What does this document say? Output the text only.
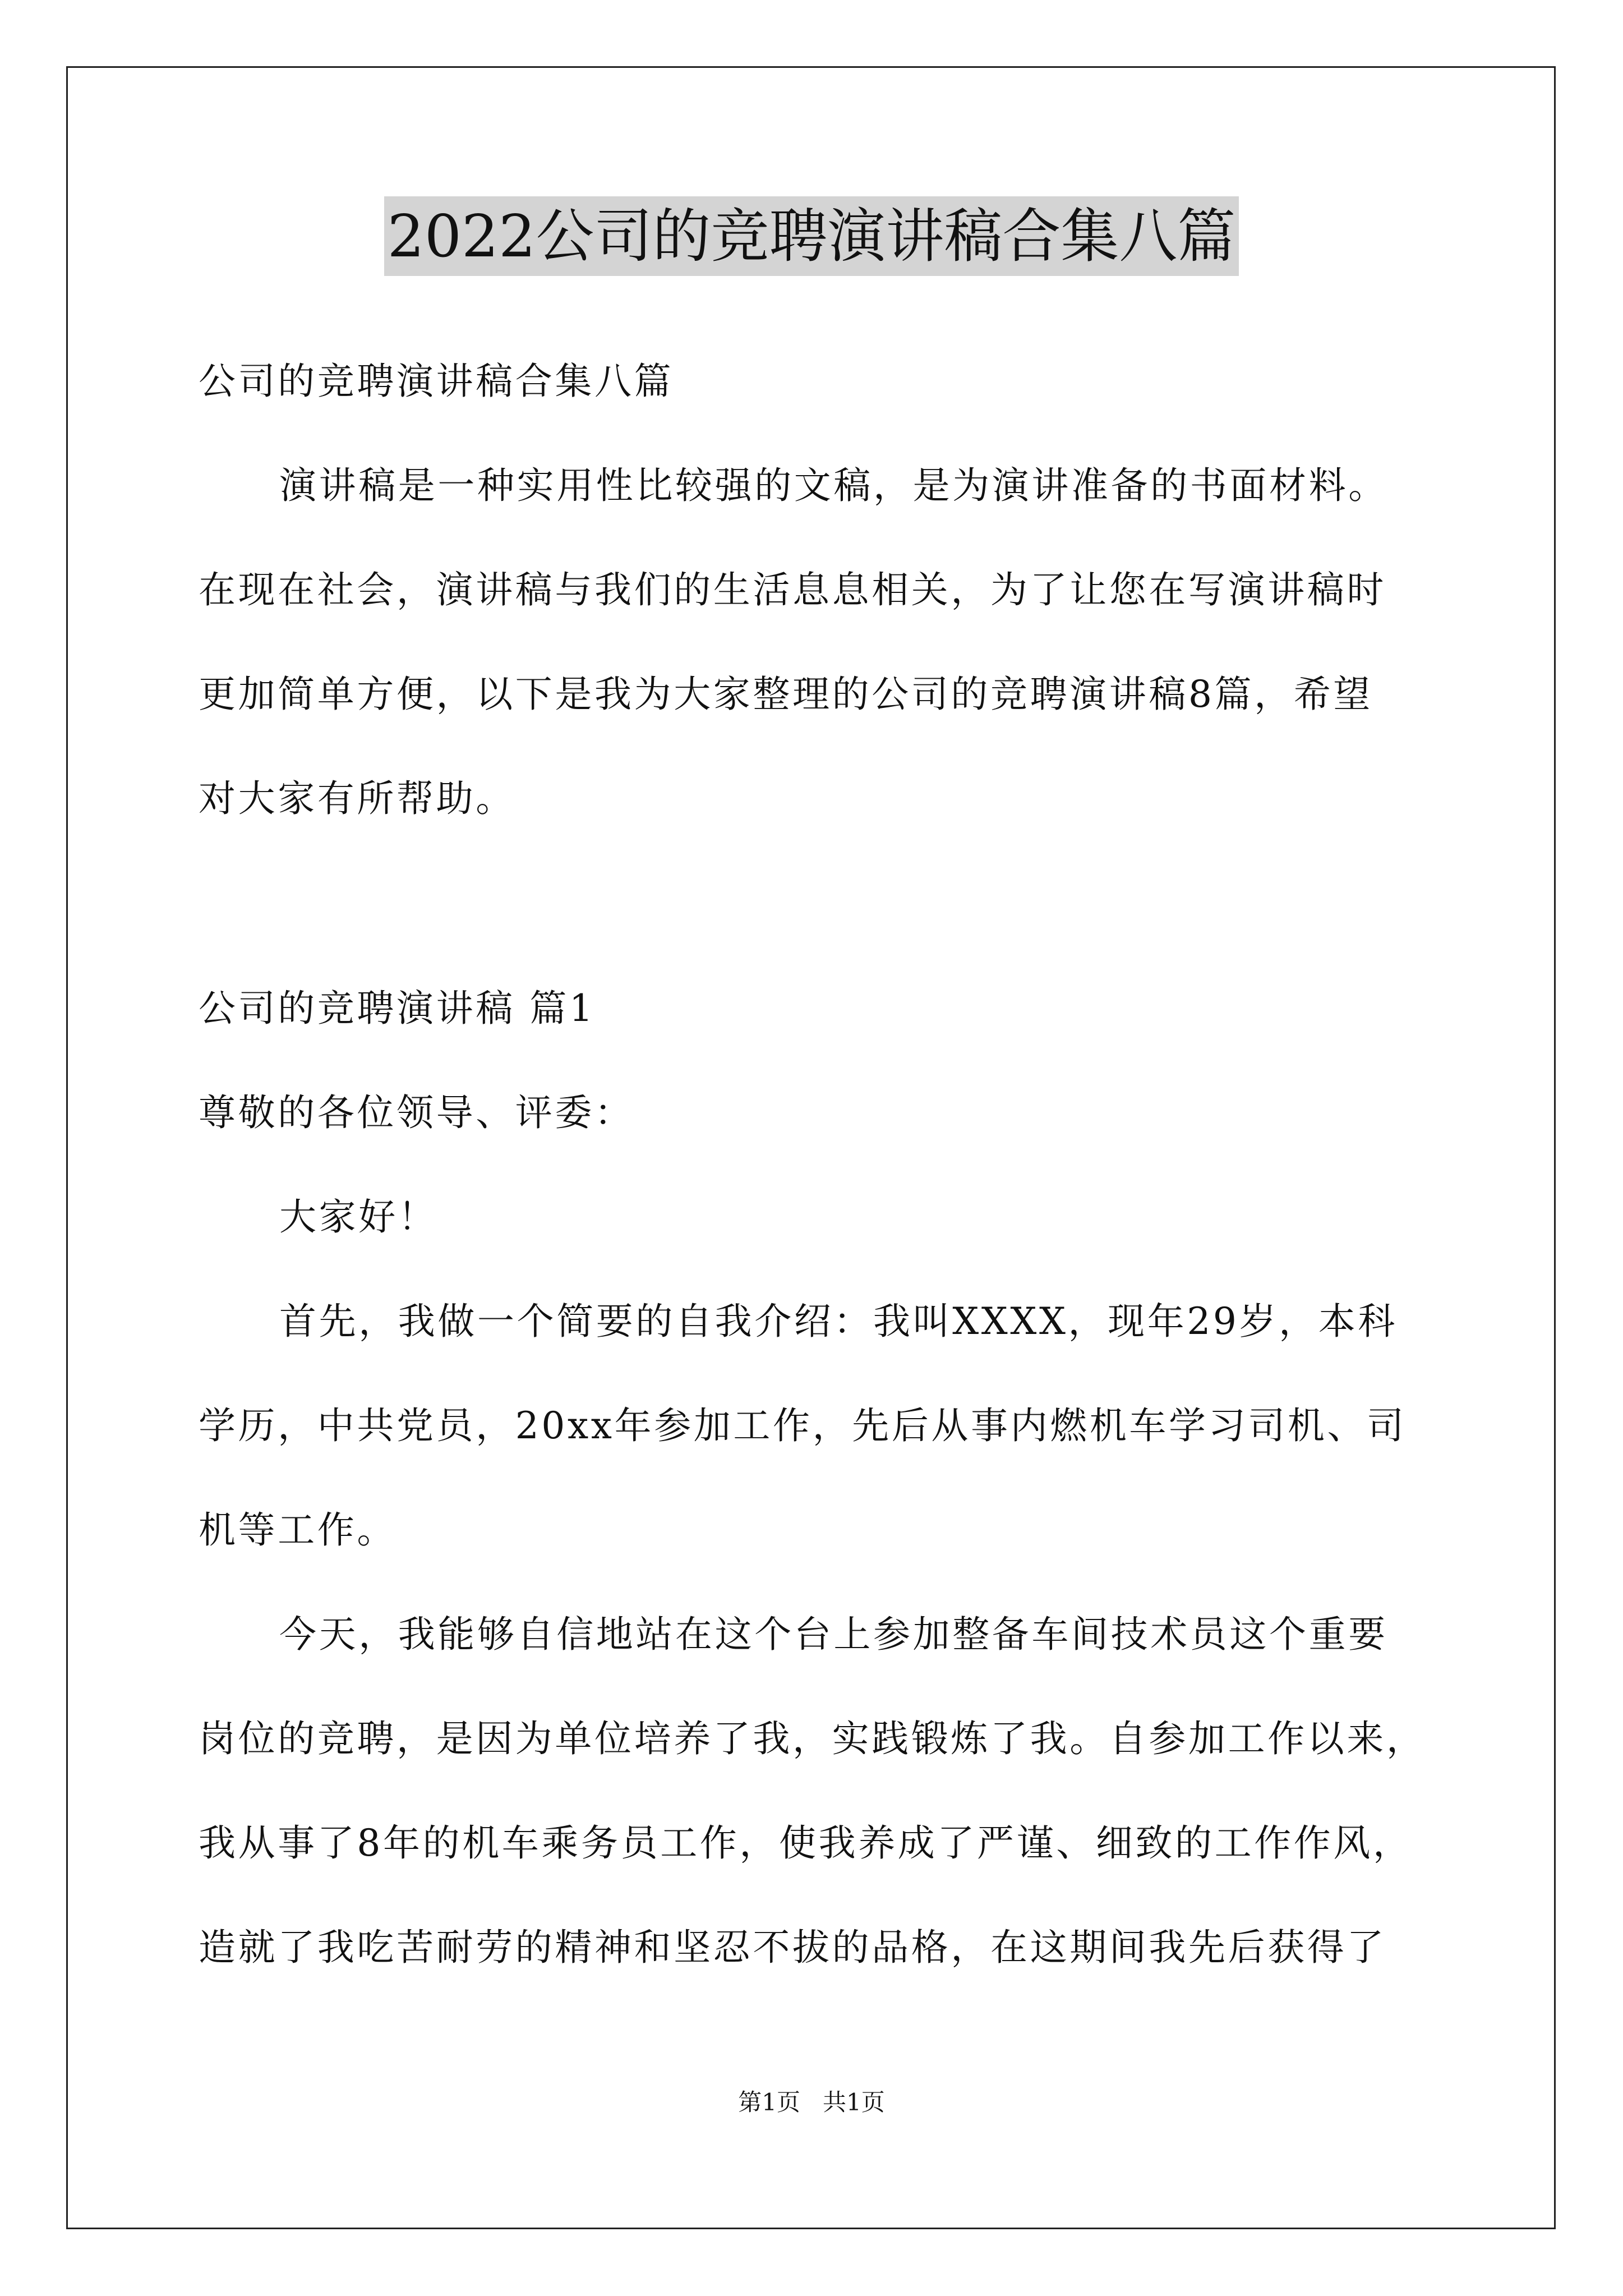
2022公司的竞聘演讲稿合集八篇
公司的竞聘演讲稿合集八篇
演讲稿是一种实用性比较强的文稿，是为演讲准备的书面材料。
在现在社会，演讲稿与我们的生活息息相关，为了让您在写演讲稿时
更加简单方便，以下是我为大家整理的公司的竞聘演讲稿8篇，希望
对大家有所帮助。
公司的竞聘演讲稿 篇1
尊敬的各位领导、评委：
大家好！
首先，我做一个简要的自我介绍：我叫XXXX，现年29岁，本科
学历，中共党员，20xx年参加工作，先后从事内燃机车学习司机、司
机等工作。
今天，我能够自信地站在这个台上参加整备车间技术员这个重要
岗位的竞聘，是因为单位培养了我，实践锻炼了我。自参加工作以来，
我从事了8年的机车乘务员工作，使我养成了严谨、细致的工作作风，
造就了我吃苦耐劳的精神和坚忍不拔的品格，在这期间我先后获得了
第1页   共1页
